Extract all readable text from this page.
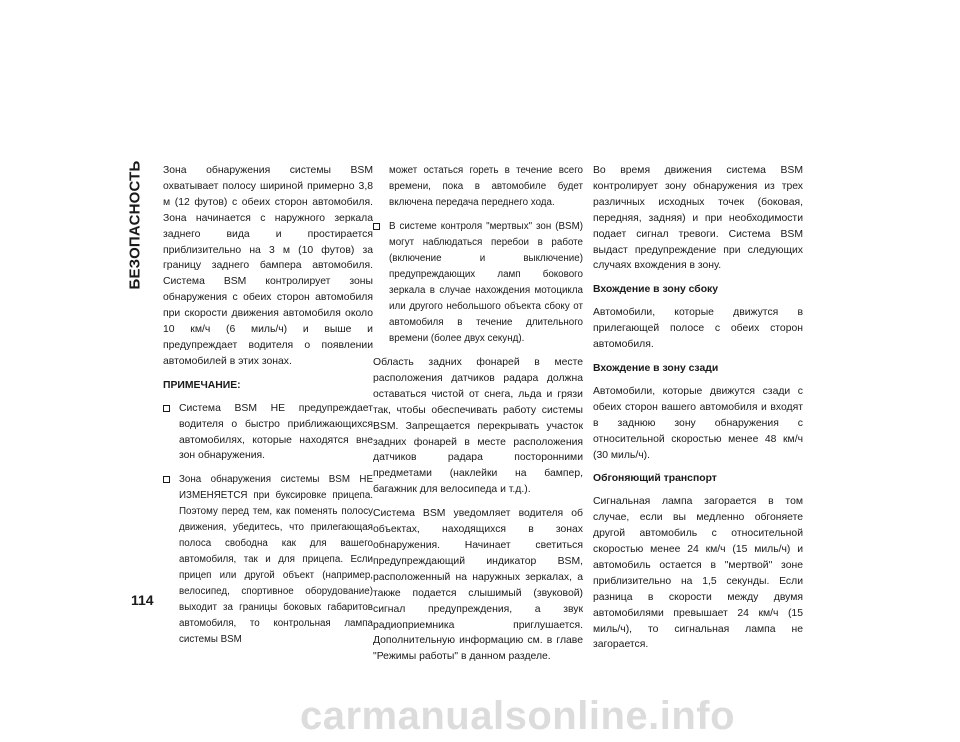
БЕЗОПАСНОСТЬ Зона обнаружения системы BSM охватывает полосу шириной примерно 3,8 м (12 футов) с обеих сторон автомобиля. Зона начинается с наружного зеркала заднего вида и простирается приблизительно на 3 м (10 футов) за границу заднего бампера автомобиля. Система BSM контролирует зоны обнаружения с обеих сторон автомобиля при скорости движения автомобиля около 10 км/ч (6 миль/ч) и выше и предупреждает водителя о появлении автомобилей в этих зонах.

ПРИМЕЧАНИЕ:
Система BSM НЕ предупреждает водителя о быстро приближающихся автомобилях, которые находятся вне зон обнаружения.
Зона обнаружения системы BSM НЕ ИЗМЕНЯЕТСЯ при буксировке прицепа. Поэтому перед тем, как поменять полосу движения, убедитесь, что прилегающая полоса свободна как для вашего автомобиля, так и для прицепа. Если прицеп или другой объект (например, велосипед, спортивное оборудование) выходит за границы боковых габаритов автомобиля, то контрольная лампа системы BSM

может остаться гореть в течение всего времени, пока в автомобиле будет включена передача переднего хода.

В системе контроля "мертвых" зон (BSM) могут наблюдаться перебои в работе (включение и выключение) предупреждающих ламп бокового зеркала в случае нахождения мотоцикла или другого небольшого объекта сбоку от автомобиля в течение длительного времени (более двух секунд).

Область задних фонарей в месте расположения датчиков радара должна оставаться чистой от снега, льда и грязи так, чтобы обеспечивать работу системы BSM. Запрещается перекрывать участок задних фонарей в месте расположения датчиков радара посторонними предметами (наклейки на бампер, багажник для велосипеда и т.д.).

Система BSM уведомляет водителя об объектах, находящихся в зонах обнаружения. Начинает светиться предупреждающий индикатор BSM, расположенный на наружных зеркалах, а также подается слышимый (звуковой) сигнал предупреждения, а звук радиоприемника приглушается. Дополнительную информацию см. в главе "Режимы работы" в данном разделе.

Во время движения система BSM контролирует зону обнаружения из трех различных исходных точек (боковая, передняя, задняя) и при необходимости подает сигнал тревоги. Система BSM выдаст предупреждение при следующих случаях вхождения в зону.

Вхождение в зону сбоку

Автомобили, которые движутся в прилегающей полосе с обеих сторон автомобиля.

Вхождение в зону сзади

Автомобили, которые движутся сзади с обеих сторон вашего автомобиля и входят в заднюю зону обнаружения с относительной скоростью менее 48 км/ч (30 миль/ч).

Обгоняющий транспорт

Сигнальная лампа загорается в том случае, если вы медленно обгоняете другой автомобиль с относительной скоростью менее 24 км/ч (15 миль/ч) и автомобиль остается в "мертвой" зоне приблизительно на 1,5 секунды. Если разница в скорости между двумя автомобилями превышает 24 км/ч (15 миль/ч), то сигнальная лампа не загорается.

114
carmanualsonline.info
